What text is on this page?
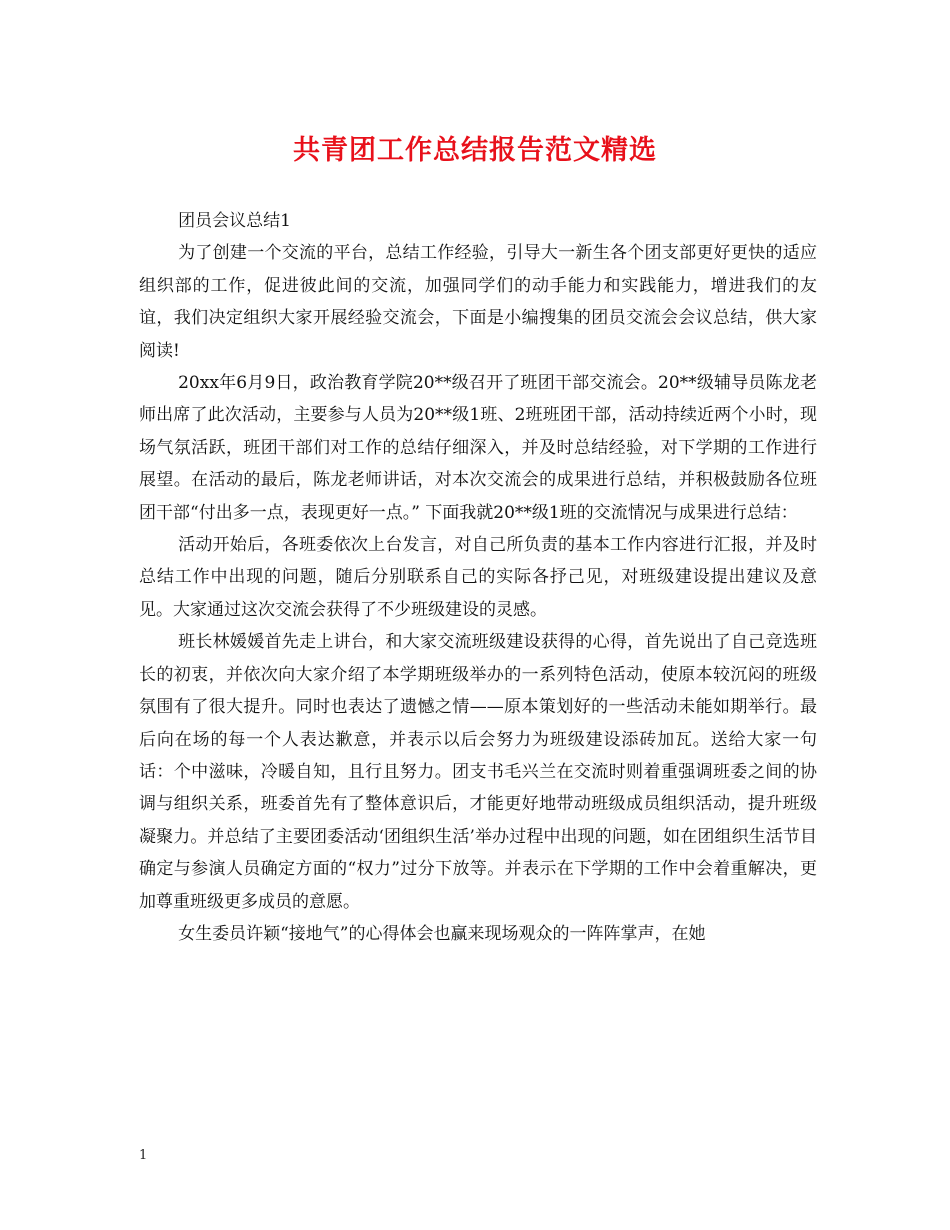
共青团工作总结报告范文精选

团员会议总结1

为了创建一个交流的平台，总结工作经验，引导大一新生各个团支部更好更快的适应组织部的工作，促进彼此间的交流，加强同学们的动手能力和实践能力，增进我们的友谊，我们决定组织大家开展经验交流会，下面是小编搜集的团员交流会会议总结，供大家阅读!

20xx年6月9日，政治教育学院20**级召开了班团干部交流会。20**级辅导员陈龙老师出席了此次活动，主要参与人员为20**级1班、2班班团干部，活动持续近两个小时，现场气氛活跃，班团干部们对工作的总结仔细深入，并及时总结经验，对下学期的工作进行展望。在活动的最后，陈龙老师讲话，对本次交流会的成果进行总结，并积极鼓励各位班团干部“付出多一点，表现更好一点。” 下面我就20**级1班的交流情况与成果进行总结：

活动开始后，各班委依次上台发言，对自己所负责的基本工作内容进行汇报，并及时总结工作中出现的问题，随后分别联系自己的实际各抒己见，对班级建设提出建议及意见。大家通过这次交流会获得了不少班级建设的灵感。

班长林媛媛首先走上讲台，和大家交流班级建设获得的心得，首先说出了自己竞选班长的初衷，并依次向大家介绍了本学期班级举办的一系列特色活动，使原本较沉闷的班级氛围有了很大提升。同时也表达了遗憾之情——原本策划好的一些活动未能如期举行。最后向在场的每一个人表达歉意，并表示以后会努力为班级建设添砖加瓦。送给大家一句话：个中滋味，冷暖自知，且行且努力。团支书毛兴兰在交流时则着重强调班委之间的协调与组织关系，班委首先有了整体意识后，才能更好地带动班级成员组织活动，提升班级凝聚力。并总结了主要团委活动‘团组织生活’举办过程中出现的问题，如在团组织生活节目确定与参演人员确定方面的“权力”过分下放等。并表示在下学期的工作中会着重解决，更加尊重班级更多成员的意愿。

女生委员许颖“接地气”的心得体会也赢来现场观众的一阵阵掌声，在她

1
